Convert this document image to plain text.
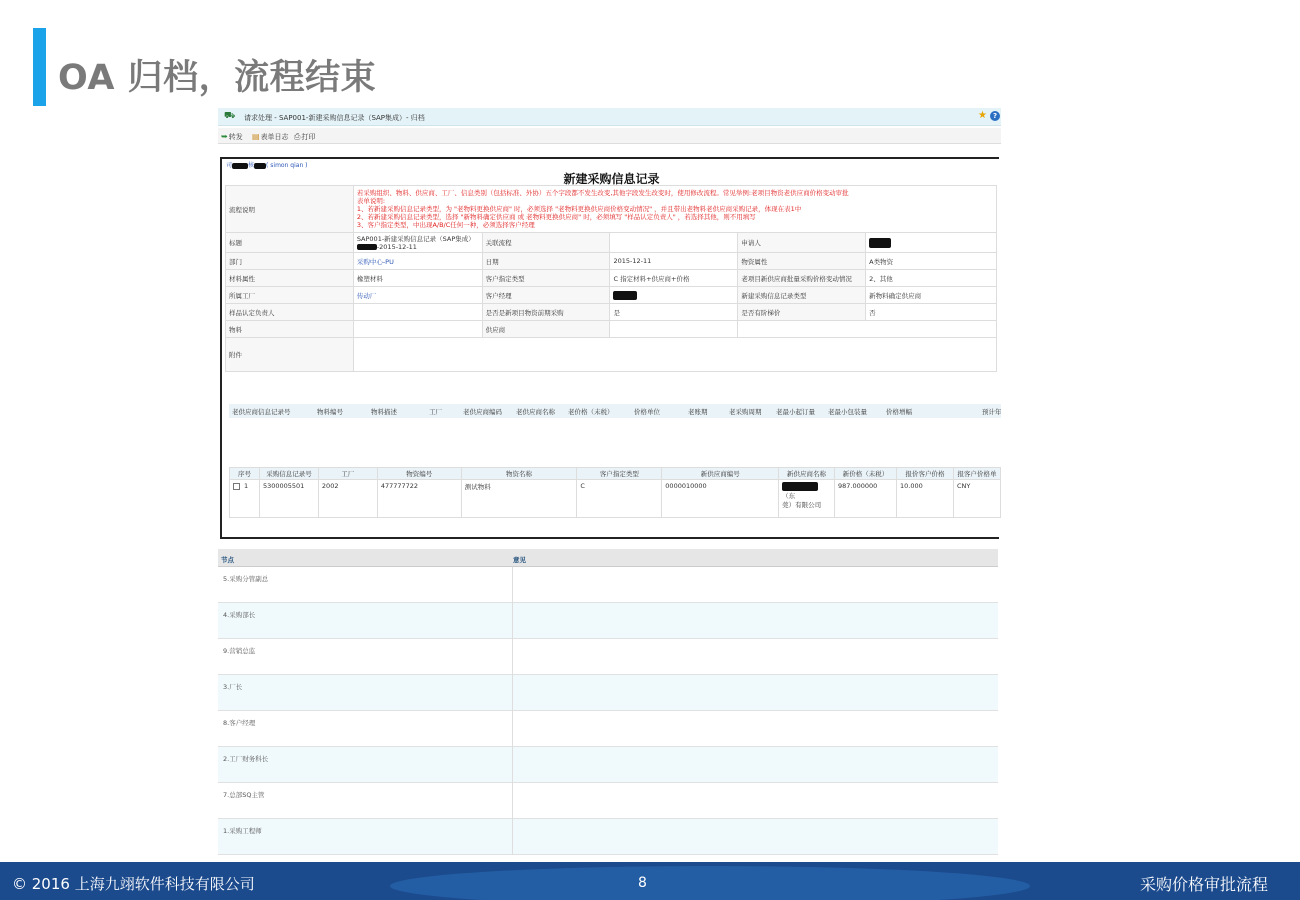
OA 归档，流程结束
⛟ 请求处理 - SAP001-新建采购信息记录（SAP集成）- 归档	★ ?
➥转发 ▤表单日志 ⎙打印
司	核 ( simon qian )
新建采购信息记录
流程说明	若采购组织、物料、供应商、工厂、信息类别（包括标准、外协）五个字段都不发生改变,其他字段发生改变时，使用修改流程。常见举例:老项目物资老供应商价格变动审批
表单说明:
1、若新建采购信息记录类型，为 "老物料更换供应商" 时，必须选择 "老物料更换供应商价格变动情况" ，并且带出老物料老供应商采购记录，体现在表1中
2、若新建采购信息记录类型，选择 "新物料确定供应商 或 老物料更换供应商" 时，必须填写 "样品认定负责人" ，若选择其他，则不用填写
3、客户指定类型，中出现A/B/C任何一种，必须选择客户经理				

标题	SAP001-新建采购信息记录（SAP集成）-2015-12-11	关联流程		申请人	
部门	采购中心-PU	日期	2015-12-11	物资属性	A类物资
材料属性	橡塑材料	客户指定类型	C 指定材料+供应商+价格	老项目新供应商批量采购价格变动情况	2、其他
所属工厂	传动厂	客户经理		新建采购信息记录类型	新物料确定供应商
样品认定负责人		是否是新项目物资前期采购	是	是否有阶梯价	否
物料		供应商			
附件					
老供应商信息记录号	物料编号	物料描述	工厂	老供应商编码 老供应商名称 老价格（未税）	价格单位	老账期	老采购周期 老最小起订量 老最小包装量	价格增幅	预计年
序号	采购信息记录号	工厂	物资编号	物资名称	客户指定类型	新供应商编号	新供应商名称	新价格（未税）	报价客户价格	报客户价格单
1	5300005501	2002	477777722	测试物料	C	0000010000	（东
莞）有限公司	987.000000	10.000	CNY
节点	意见
5.采购分管副总
4.采购部长
9.营销总监
3.厂长
8.客户经理
2.工厂财务科长
7.总部SQ主管
1.采购工程师
© 2016 上海九翊软件科技有限公司	8	采购价格审批流程
